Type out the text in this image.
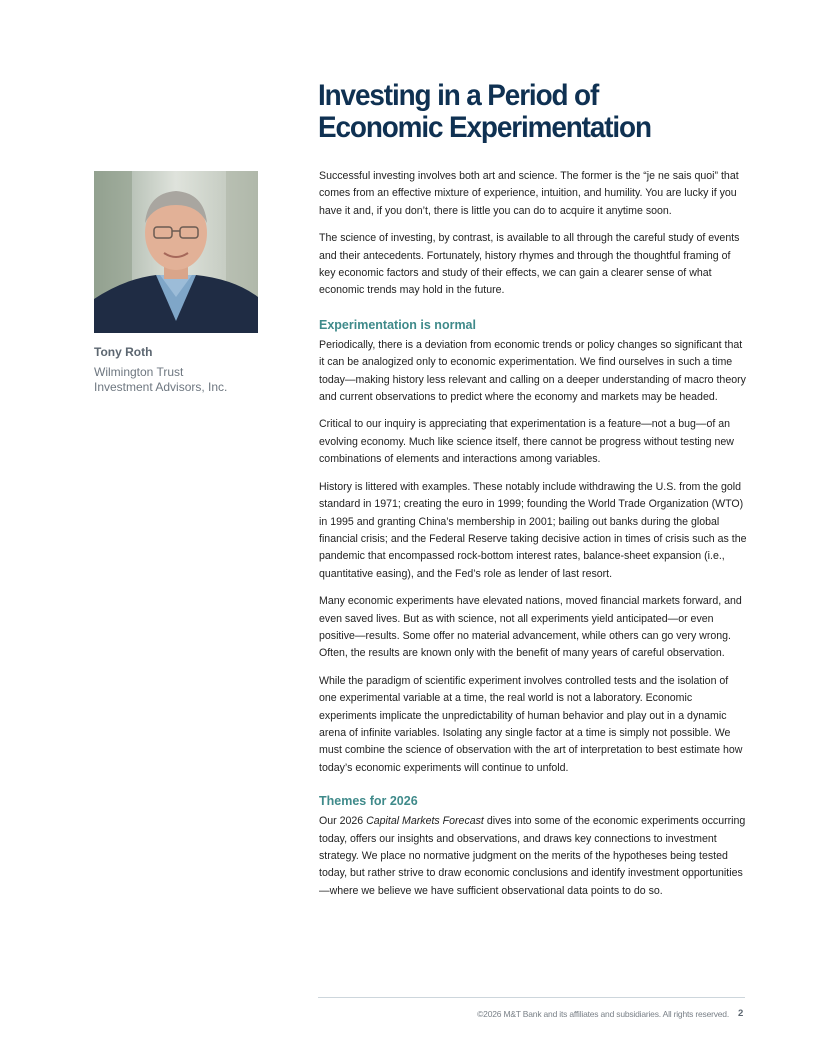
Investing in a Period of
Economic Experimentation
Tony Roth
Wilmington Trust
Investment Advisors, Inc.

Successful investing involves both art and science. The former is the “je ne sais quoi” that comes from an effective mixture of experience, intuition, and humility. You are lucky if you have it and, if you don’t, there is little you can do to acquire it anytime soon.

The science of investing, by contrast, is available to all through the careful study of events and their antecedents. Fortunately, history rhymes and through the thoughtful framing of key economic factors and study of their effects, we can gain a clearer sense of what economic trends may hold in the future.

Experimentation is normal

Periodically, there is a deviation from economic trends or policy changes so significant that it can be analogized only to economic experimentation. We find ourselves in such a time today—making history less relevant and calling on a deeper understanding of macro theory and current observations to predict where the economy and markets may be headed.

Critical to our inquiry is appreciating that experimentation is a feature—not a bug—of an evolving economy. Much like science itself, there cannot be progress without testing new combinations of elements and interactions among variables.

History is littered with examples. These notably include withdrawing the U.S. from the gold standard in 1971; creating the euro in 1999; founding the World Trade Organization (WTO) in 1995 and granting China’s membership in 2001; bailing out banks during the global financial crisis; and the Federal Reserve taking decisive action in times of crisis such as the pandemic that encompassed rock-bottom interest rates, balance-sheet expansion (i.e., quantitative easing), and the Fed’s role as lender of last resort.

Many economic experiments have elevated nations, moved financial markets forward, and even saved lives. But as with science, not all experiments yield anticipated—or even positive—results. Some offer no material advancement, while others can go very wrong. Often, the results are known only with the benefit of many years of careful observation.

While the paradigm of scientific experiment involves controlled tests and the isolation of one experimental variable at a time, the real world is not a laboratory. Economic experiments implicate the unpredictability of human behavior and play out in a dynamic arena of infinite variables. Isolating any single factor at a time is simply not possible. We must combine the science of observation with the art of interpretation to best estimate how today’s economic experiments will continue to unfold.

Themes for 2026

Our 2026 Capital Markets Forecast dives into some of the economic experiments occurring today, offers our insights and observations, and draws key connections to investment strategy. We place no normative judgment on the merits of the hypotheses being tested today, but rather strive to draw economic conclusions and identify investment opportunities—where we believe we have sufficient observational data points to do so.

©2026 M&T Bank and its affiliates and subsidiaries. All rights reserved. 2
